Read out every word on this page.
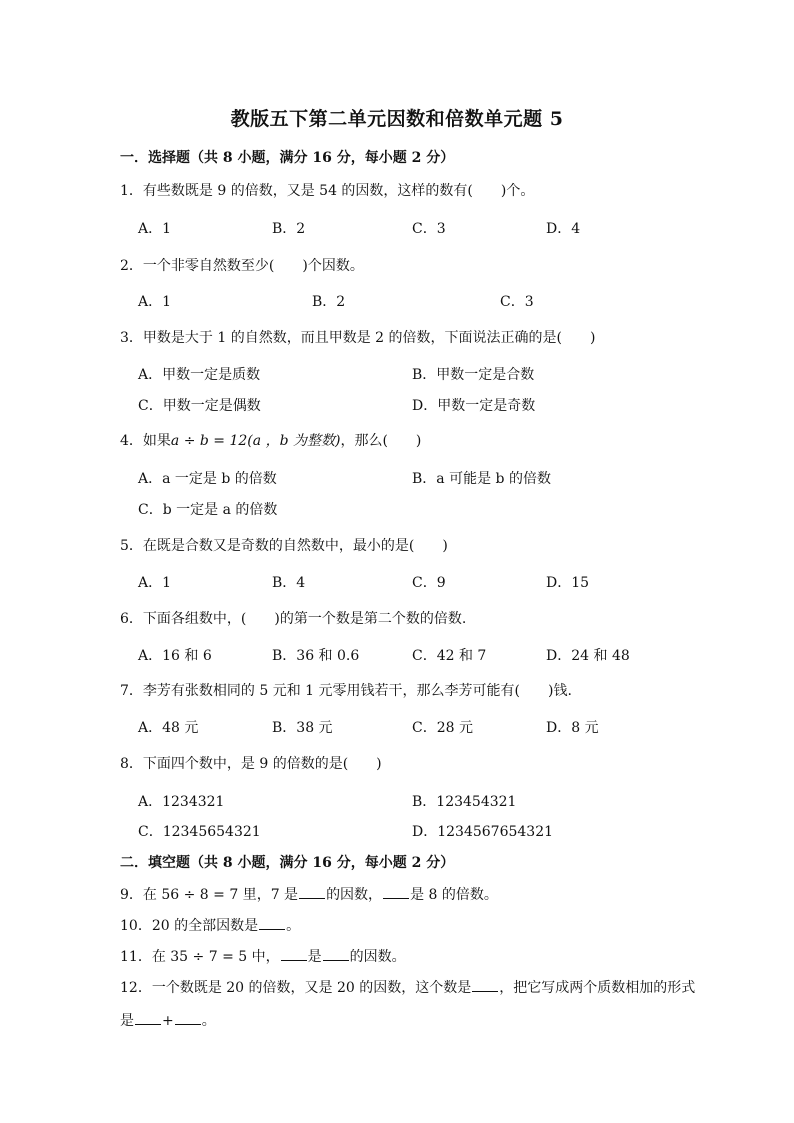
教版五下第二单元因数和倍数单元题 5
一．选择题（共 8 小题，满分 16 分，每小题 2 分）
1．有些数既是 9 的倍数，又是 54 的因数，这样的数有(　　)个。
A．1	B．2	C．3	D．4
2．一个非零自然数至少(　　)个因数。
A．1	B．2	C．3
3．甲数是大于 1 的自然数，而且甲数是 2 的倍数，下面说法正确的是(　　)
A．甲数一定是质数	B．甲数一定是合数
C．甲数一定是偶数	D．甲数一定是奇数
4．如果a ÷ b = 12(a ，b 为整数)，那么(　　)
A．a 一定是 b 的倍数	B．a 可能是 b 的倍数
C．b 一定是 a 的倍数
5．在既是合数又是奇数的自然数中，最小的是(　　)
A．1	B．4	C．9	D．15
6．下面各组数中，(　　)的第一个数是第二个数的倍数.
A．16 和 6	B．36 和 0.6	C．42 和 7	D．24 和 48
7．李芳有张数相同的 5 元和 1 元零用钱若干，那么李芳可能有(　　)钱.
A．48 元	B．38 元	C．28 元	D．8 元
8．下面四个数中，是 9 的倍数的是(　　)
A．1234321	B．123454321
C．12345654321	D．1234567654321
二．填空题（共 8 小题，满分 16 分，每小题 2 分）
9．在 56 ÷ 8 = 7 里，7 是 的因数， 是 8 的倍数。
10．20 的全部因数是 。
11．在 35 ÷ 7 = 5 中， 是 的因数。
12．一个数既是 20 的倍数，又是 20 的因数，这个数是 ，把它写成两个质数相加的形式
是 + 。
